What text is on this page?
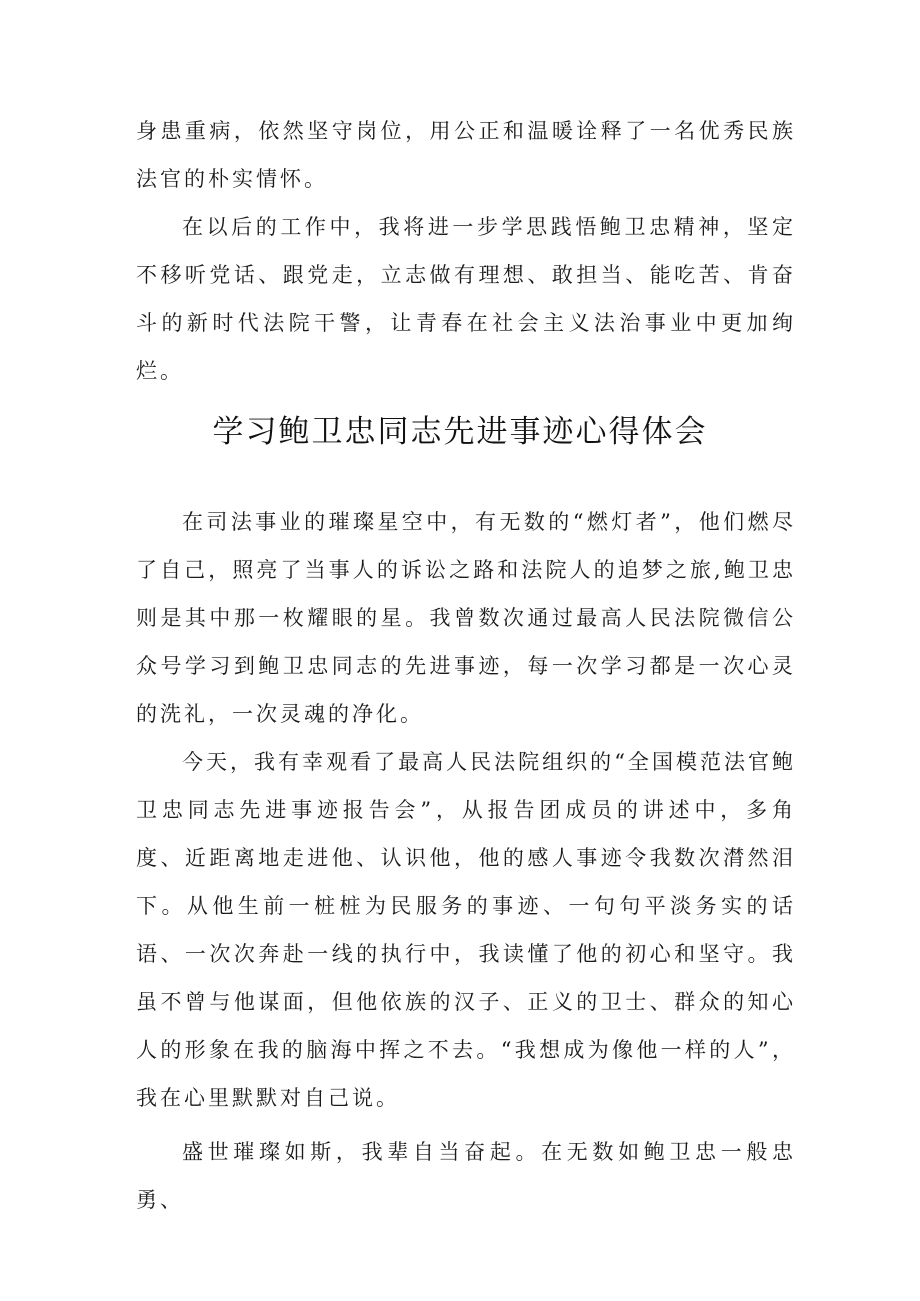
身患重病，依然坚守岗位，用公正和温暖诠释了一名优秀民族法官的朴实情怀。

在以后的工作中，我将进一步学思践悟鲍卫忠精神，坚定不移听党话、跟党走，立志做有理想、敢担当、能吃苦、肯奋斗的新时代法院干警，让青春在社会主义法治事业中更加绚烂。

学习鲍卫忠同志先进事迹心得体会

在司法事业的璀璨星空中，有无数的“燃灯者”，他们燃尽了自己，照亮了当事人的诉讼之路和法院人的追梦之旅,鲍卫忠则是其中那一枚耀眼的星。我曾数次通过最高人民法院微信公众号学习到鲍卫忠同志的先进事迹，每一次学习都是一次心灵的洗礼，一次灵魂的净化。

今天，我有幸观看了最高人民法院组织的“全国模范法官鲍卫忠同志先进事迹报告会”，从报告团成员的讲述中，多角度、近距离地走进他、认识他，他的感人事迹令我数次潸然泪下。从他生前一桩桩为民服务的事迹、一句句平淡务实的话语、一次次奔赴一线的执行中，我读懂了他的初心和坚守。我虽不曾与他谋面，但他依族的汉子、正义的卫士、群众的知心人的形象在我的脑海中挥之不去。“我想成为像他一样的人”，我在心里默默对自己说。

盛世璀璨如斯，我辈自当奋起。在无数如鲍卫忠一般忠勇、
